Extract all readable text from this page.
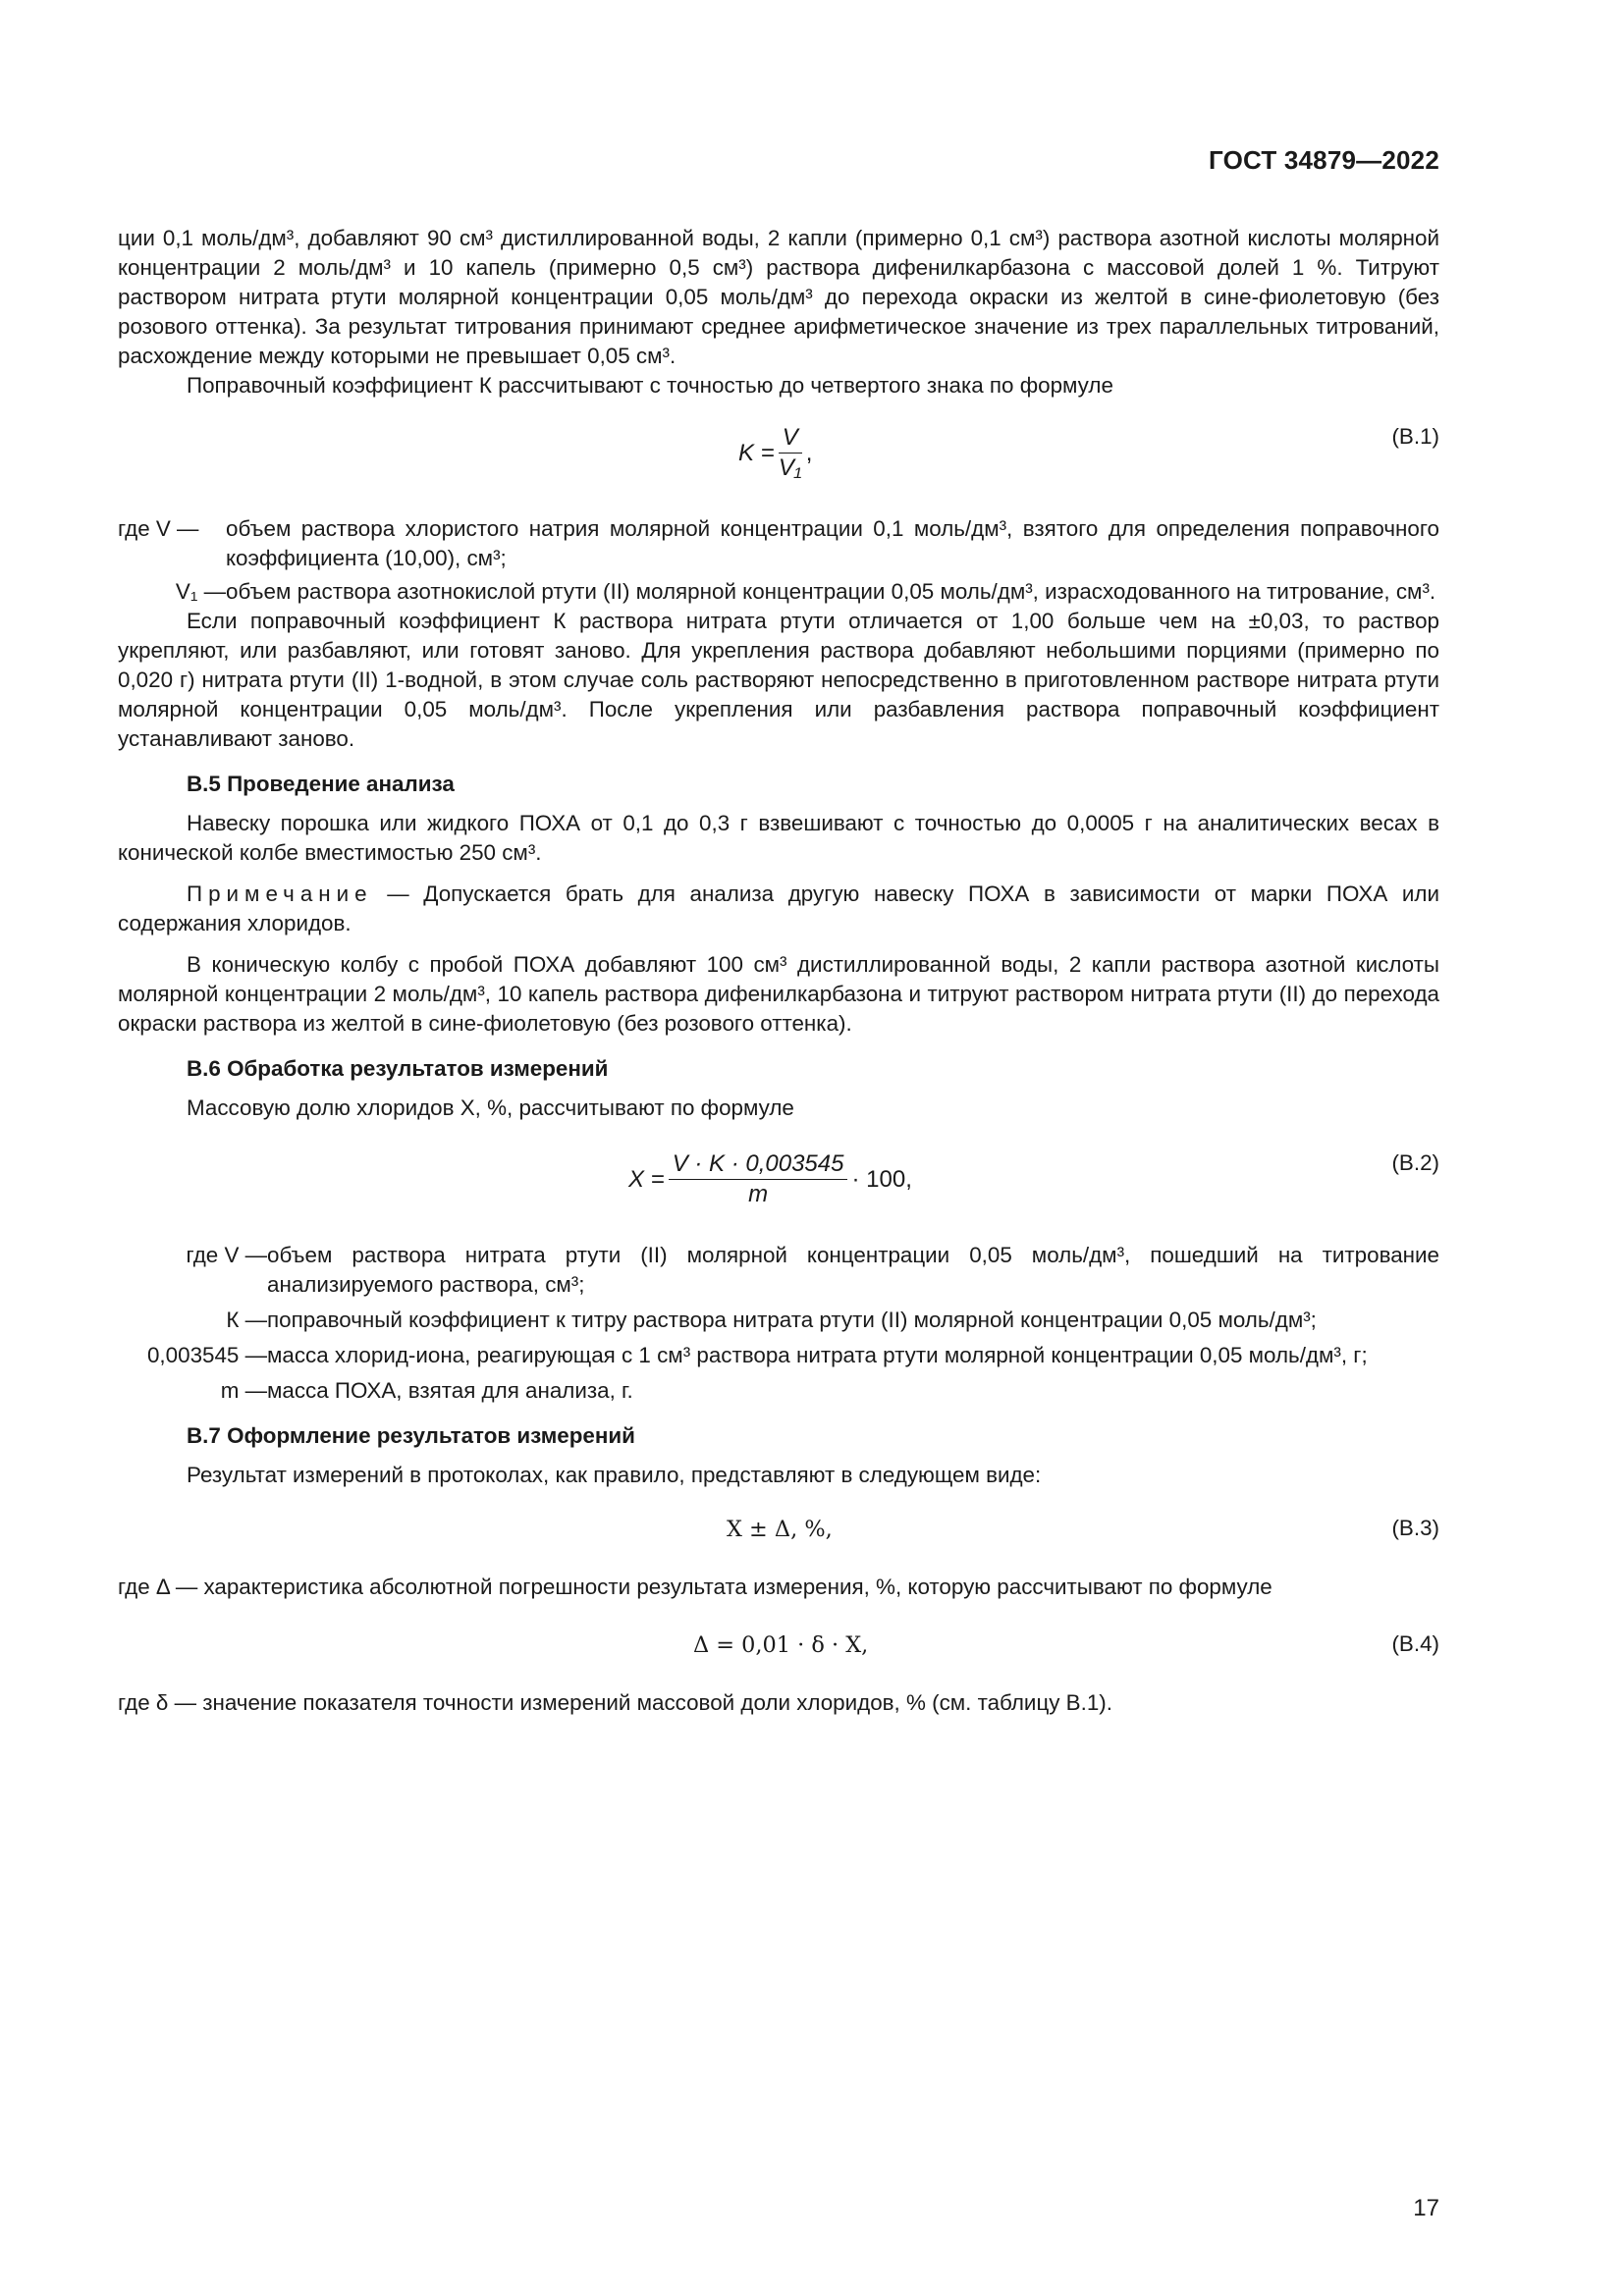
ГОСТ 34879—2022

ции 0,1 моль/дм³, добавляют 90 см³ дистиллированной воды, 2 капли (примерно 0,1 см³) раствора азотной кислоты молярной концентрации 2 моль/дм³ и 10 капель (примерно 0,5 см³) раствора дифенилкарбазона с массовой долей 1 %. Титруют раствором нитрата ртути молярной концентрации 0,05 моль/дм³ до перехода окраски из желтой в сине-фиолетовую (без розового оттенка). За результат титрования принимают среднее арифметическое значение из трех параллельных титрований, расхождение между которыми не превышает 0,05 см³.

Поправочный коэффициент К рассчитывают с точностью до четвертого знака по формуле

$K = \frac{V}{\text{V₁}}$ ,
(В.1)
где V —	объем раствора хлористого натрия молярной концентрации 0,1 моль/дм³, взятого для определения поправочного коэффициента (10,00), см³;
V₁ — объем раствора азотнокислой ртути (II) молярной концентрации 0,05 моль/дм³, израсходованного на титрование, см³.

Если поправочный коэффициент К раствора нитрата ртути отличается от 1,00 больше чем на ±0,03, то раствор укрепляют, или разбавляют, или готовят заново. Для укрепления раствора добавляют небольшими порциями (примерно по 0,020 г) нитрата ртути (II) 1-водной, в этом случае соль растворяют непосредственно в приготовленном растворе нитрата ртути молярной концентрации 0,05 моль/дм³. После укрепления или разбавления раствора поправочный коэффициент устанавливают заново.

В.5 Проведение анализа

Навеску порошка или жидкого ПОХА от 0,1 до 0,3 г взвешивают с точностью до 0,0005 г на аналитических весах в конической колбе вместимостью 250 см³.

Примечание — Допускается брать для анализа другую навеску ПОХА в зависимости от марки ПОХА или содержания хлоридов.

В коническую колбу с пробой ПОХА добавляют 100 см³ дистиллированной воды, 2 капли раствора азотной кислоты молярной концентрации 2 моль/дм³, 10 капель раствора дифенилкарбазона и титруют раствором нитрата ртути (II) до перехода окраски раствора из желтой в сине-фиолетовую (без розового оттенка).

В.6 Обработка результатов измерений

Массовую долю хлоридов X, %, рассчитывают по формуле

$X = \frac{V \cdot K \cdot 0,003545}{m} \cdot 100$,
(В.2)
где V — объем раствора нитрата ртути (II) молярной концентрации 0,05 моль/дм³, пошедший на титрование анализируемого раствора, см³;
К — поправочный коэффициент к титру раствора нитрата ртути (II) молярной концентрации 0,05 моль/дм³;
0,003545 — масса хлорид-иона, реагирующая с 1 см³ раствора нитрата ртути молярной концентрации 0,05 моль/дм³, г;
m — масса ПОХА, взятая для анализа, г.

В.7 Оформление результатов измерений

Результат измерений в протоколах, как правило, представляют в следующем виде:

X ± Δ, %,	(В.3)

где Δ — характеристика абсолютной погрешности результата измерения, %, которую рассчитывают по формуле

Δ = 0,01 · δ · X,	(В.4)

где δ — значение показателя точности измерений массовой доли хлоридов, % (см. таблицу В.1).

17
